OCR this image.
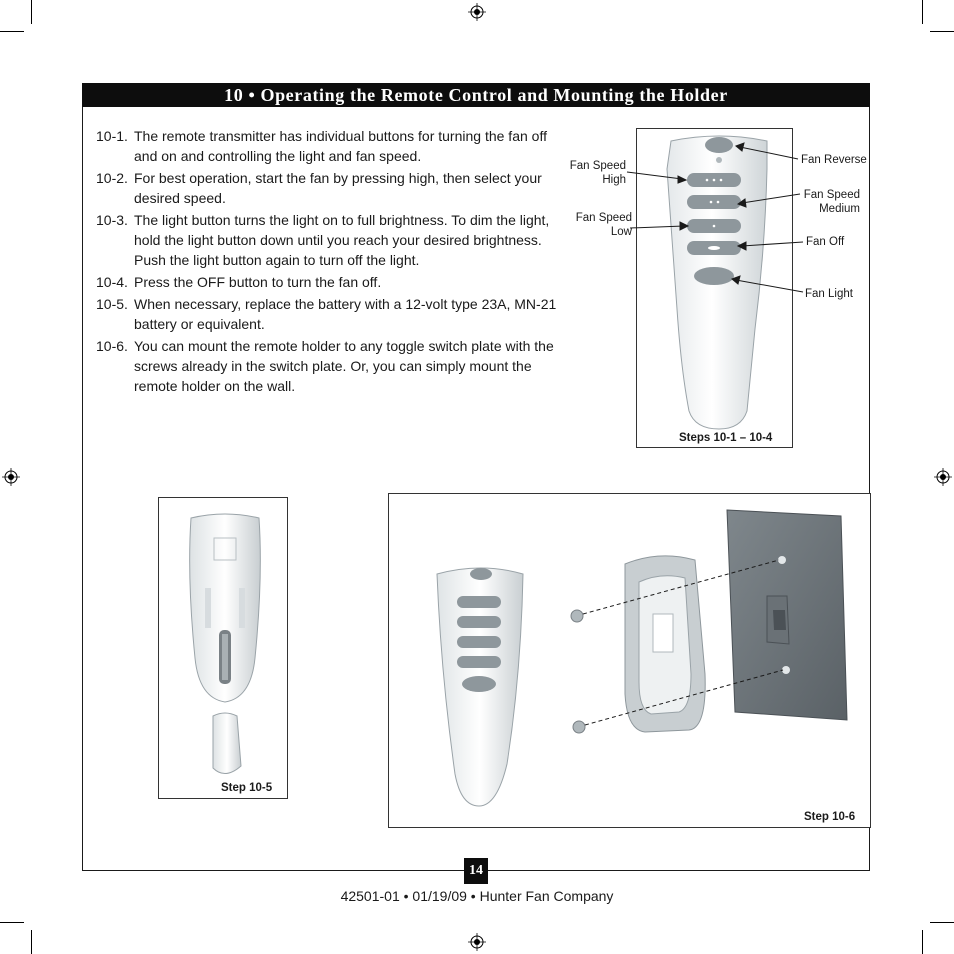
10 • Operating the Remote Control and Mounting the Holder
10-1. The remote transmitter has individual buttons for turning the fan off and on and controlling the light and fan speed.
10-2. For best operation, start the fan by pressing high, then select your desired speed.
10-3. The light button turns the light on to full brightness. To dim the light, hold the light button down until you reach your desired brightness. Push the light button again to turn off the light.
10-4. Press the OFF button to turn the fan off.
10-5. When necessary, replace the battery with a 12-volt type 23A, MN-21 battery or equivalent.
10-6. You can mount the remote holder to any toggle switch plate with the screws already in the switch plate. Or, you can simply mount the remote holder on the wall.
Fan Speed
High
Fan Speed
Low
Fan Reverse
Fan Speed
Medium
Fan Off
Fan Light
Steps 10-1 – 10-4
Step 10-5
Step 10-6
14
42501-01 • 01/19/09 • Hunter Fan Company
